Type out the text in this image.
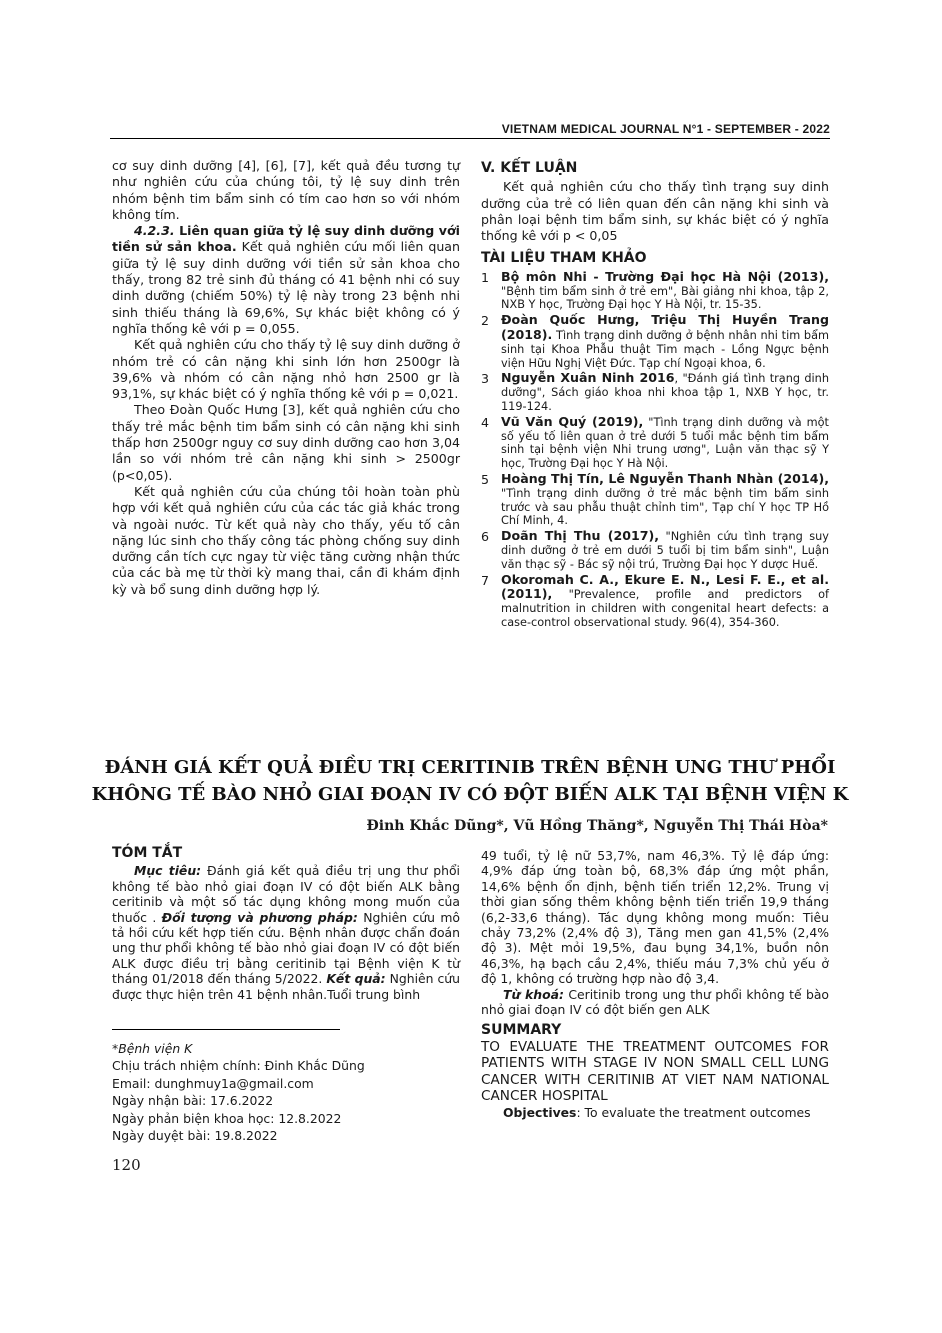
VIETNAM MEDICAL JOURNAL N°1 - SEPTEMBER - 2022

cơ suy dinh dưỡng [4], [6], [7], kết quả đều tương tự như nghiên cứu của chúng tôi, tỷ lệ suy dinh trên nhóm bệnh tim bẩm sinh có tím cao hơn so với nhóm không tím.

4.2.3. Liên quan giữa tỷ lệ suy dinh dưỡng với tiền sử sản khoa. Kết quả nghiên cứu mối liên quan giữa tỷ lệ suy dinh dưỡng với tiền sử sản khoa cho thấy, trong 82 trẻ sinh đủ tháng có 41 bệnh nhi có suy dinh dưỡng (chiếm 50%) tỷ lệ này trong 23 bệnh nhi sinh thiếu tháng là 69,6%, Sự khác biệt không có ý nghĩa thống kê với p = 0,055.

Kết quả nghiên cứu cho thấy tỷ lệ suy dinh dưỡng ở nhóm trẻ có cân nặng khi sinh lớn hơn 2500gr là 39,6% và nhóm có cân nặng nhỏ hơn 2500 gr là 93,1%, sự khác biệt có ý nghĩa thống kê với p = 0,021.

Theo Đoàn Quốc Hưng [3], kết quả nghiên cứu cho thấy trẻ mắc bệnh tim bẩm sinh có cân nặng khi sinh thấp hơn 2500gr nguy cơ suy dinh dưỡng cao hơn 3,04 lần so với nhóm trẻ cân nặng khi sinh > 2500gr (p<0,05).

Kết quả nghiên cứu của chúng tôi hoàn toàn phù hợp với kết quả nghiên cứu của các tác giả khác trong và ngoài nước. Từ kết quả này cho thấy, yếu tố cân nặng lúc sinh cho thấy công tác phòng chống suy dinh dưỡng cần tích cực ngay từ việc tăng cường nhận thức của các bà mẹ từ thời kỳ mang thai, cần đi khám định kỳ và bổ sung dinh dưỡng hợp lý.

V. KẾT LUẬN

Kết quả nghiên cứu cho thấy tình trạng suy dinh dưỡng của trẻ có liên quan đến cân nặng khi sinh và phân loại bệnh tim bẩm sinh, sự khác biệt có ý nghĩa thống kê với p < 0,05

TÀI LIỆU THAM KHẢO
1 Bộ môn Nhi - Trường Đại học Hà Nội (2013), "Bệnh tim bẩm sinh ở trẻ em", Bài giảng nhi khoa, tập 2, NXB Y học, Trường Đại học Y Hà Nội, tr. 15-35.
2 Đoàn Quốc Hưng, Triệu Thị Huyền Trang (2018). Tình trạng dinh dưỡng ở bệnh nhân nhi tim bẩm sinh tại Khoa Phẫu thuật Tim mạch - Lồng Ngực bệnh viện Hữu Nghị Việt Đức. Tạp chí Ngoại khoa, 6.
3 Nguyễn Xuân Ninh 2016, "Đánh giá tình trạng dinh dưỡng", Sách giáo khoa nhi khoa tập 1, NXB Y học, tr. 119-124.
4 Vũ Văn Quý (2019), "Tình trạng dinh dưỡng và một số yếu tố liên quan ở trẻ dưới 5 tuổi mắc bệnh tim bẩm sinh tại bệnh viện Nhi trung ương", Luận văn thạc sỹ Y học, Trường Đại học Y Hà Nội.
5 Hoàng Thị Tín, Lê Nguyễn Thanh Nhàn (2014), "Tình trạng dinh dưỡng ở trẻ mắc bệnh tim bẩm sinh trước và sau phẫu thuật chỉnh tim", Tạp chí Y học TP Hồ Chí Minh, 4.
6 Doãn Thị Thu (2017), "Nghiên cứu tình trạng suy dinh dưỡng ở trẻ em dưới 5 tuổi bị tim bẩm sinh", Luận văn thạc sỹ - Bác sỹ nội trú, Trường Đại học Y dược Huế.
7 Okoromah C. A., Ekure E. N., Lesi F. E., et al. (2011), "Prevalence, profile and predictors of malnutrition in children with congenital heart defects: a case-control observational study. 96(4), 354-360.
ĐÁNH GIÁ KẾT QUẢ ĐIỀU TRỊ CERITINIB TRÊN BỆNH UNG THƯ PHỔI
KHÔNG TẾ BÀO NHỎ GIAI ĐOẠN IV CÓ ĐỘT BIẾN ALK TẠI BỆNH VIỆN K
Đinh Khắc Dũng*, Vũ Hồng Thăng*, Nguyễn Thị Thái Hòa*
TÓM TẮT

Mục tiêu: Đánh giá kết quả điều trị ung thư phổi không tế bào nhỏ giai đoạn IV có đột biến ALK bằng ceritinib và một số tác dụng không mong muốn của thuốc . Đối tượng và phương pháp: Nghiên cứu mô tả hồi cứu kết hợp tiến cứu. Bệnh nhân được chẩn đoán ung thư phổi không tế bào nhỏ giai đoạn IV có đột biến ALK được điều trị bằng ceritinib tại Bệnh viện K từ tháng 01/2018 đến tháng 5/2022. Kết quả: Nghiên cứu được thực hiện trên 41 bệnh nhân.Tuổi trung bình

49 tuổi, tỷ lệ nữ 53,7%, nam 46,3%. Tỷ lệ đáp ứng: 4,9% đáp ứng toàn bộ, 68,3% đáp ứng một phần, 14,6% bệnh ổn định, bệnh tiến triển 12,2%. Trung vị thời gian sống thêm không bệnh tiến triển 19,9 tháng (6,2-33,6 tháng). Tác dụng không mong muốn: Tiêu chảy 73,2% (2,4% độ 3), Tăng men gan 41,5% (2,4% độ 3). Mệt mỏi 19,5%, đau bụng 34,1%, buồn nôn 46,3%, hạ bạch cầu 2,4%, thiếu máu 7,3% chủ yếu ở độ 1, không có trường hợp nào độ 3,4.

Từ khoá: Ceritinib trong ung thư phổi không tế bào nhỏ giai đoạn IV có đột biến gen ALK

SUMMARY

TO EVALUATE THE TREATMENT OUTCOMES FOR PATIENTS WITH STAGE IV NON SMALL CELL LUNG CANCER WITH CERITINIB AT VIET NAM NATIONAL CANCER HOSPITAL

Objectives: To evaluate the treatment outcomes

*Bệnh viện K
Chịu trách nhiệm chính: Đinh Khắc Dũng
Email: dunghmuy1a@gmail.com
Ngày nhận bài: 17.6.2022
Ngày phản biện khoa học: 12.8.2022
Ngày duyệt bài: 19.8.2022
120
